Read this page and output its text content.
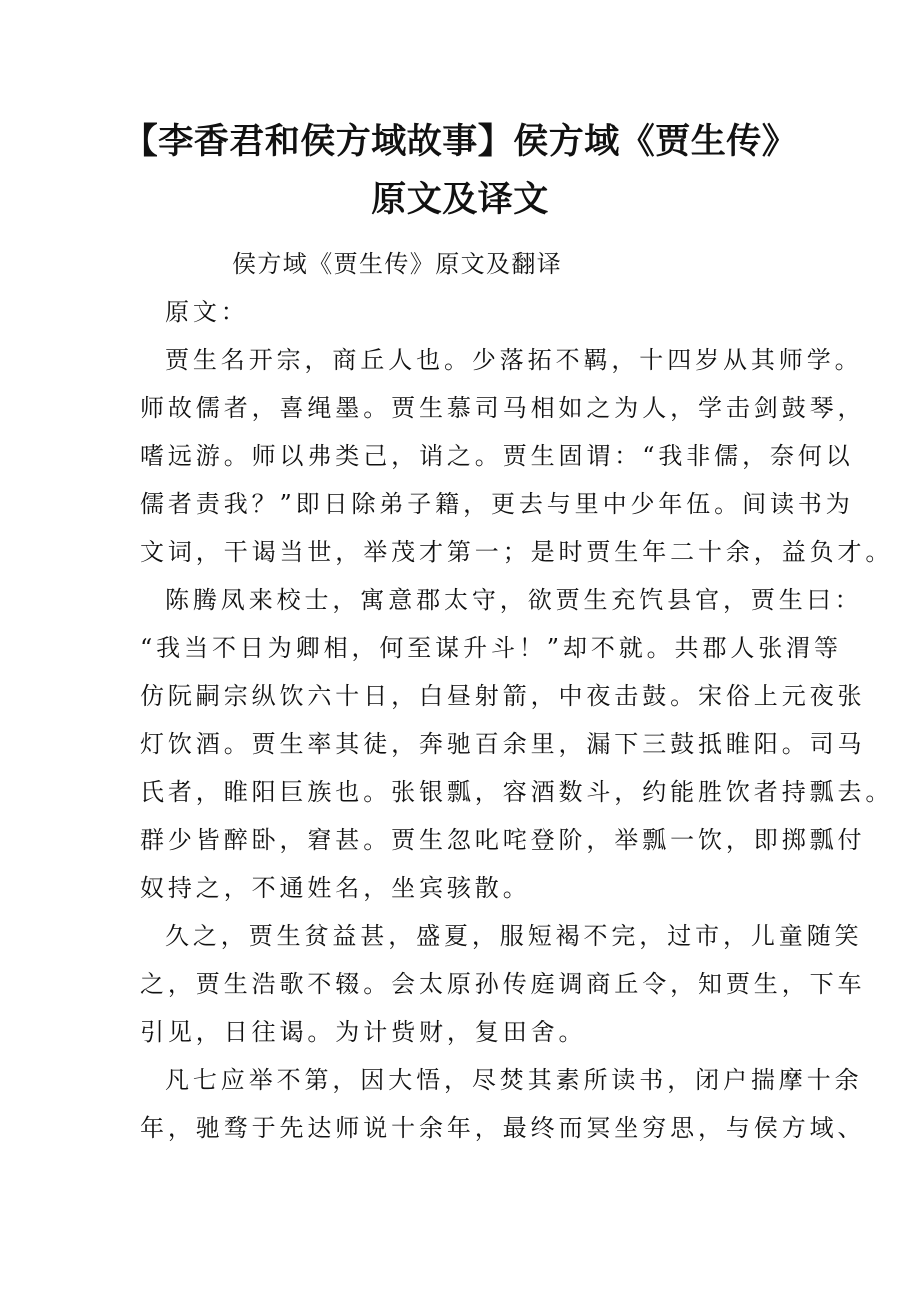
【李香君和侯方域故事】侯方域《贾生传》
原文及译文
侯方域《贾生传》原文及翻译
原文：
贾生名开宗，商丘人也。少落拓不羁，十四岁从其师学。
师故儒者，喜绳墨。贾生慕司马相如之为人，学击剑鼓琴，
嗜远游。师以弗类己，诮之。贾生固谓：“我非儒，奈何以
儒者责我？”即日除弟子籍，更去与里中少年伍。间读书为
文词，干谒当世，举茂才第一；是时贾生年二十余，益负才。
陈腾凤来校士，寓意郡太守，欲贾生充饩县官，贾生曰：
“我当不日为卿相，何至谋升斗！”却不就。共郡人张渭等
仿阮嗣宗纵饮六十日，白昼射箭，中夜击鼓。宋俗上元夜张
灯饮酒。贾生率其徒，奔驰百余里，漏下三鼓抵睢阳。司马
氏者，睢阳巨族也。张银瓢，容酒数斗，约能胜饮者持瓢去。
群少皆醉卧，窘甚。贾生忽叱咤登阶，举瓢一饮，即掷瓢付
奴持之，不通姓名，坐宾骇散。
久之，贾生贫益甚，盛夏，服短褐不完，过市，儿童随笑
之，贾生浩歌不辍。会太原孙传庭调商丘令，知贾生，下车
引见，日往谒。为计赀财，复田舍。
凡七应举不第，因大悟，尽焚其素所读书，闭户揣摩十余
年，驰骛于先达师说十余年，最终而冥坐穷思，与侯方域、
